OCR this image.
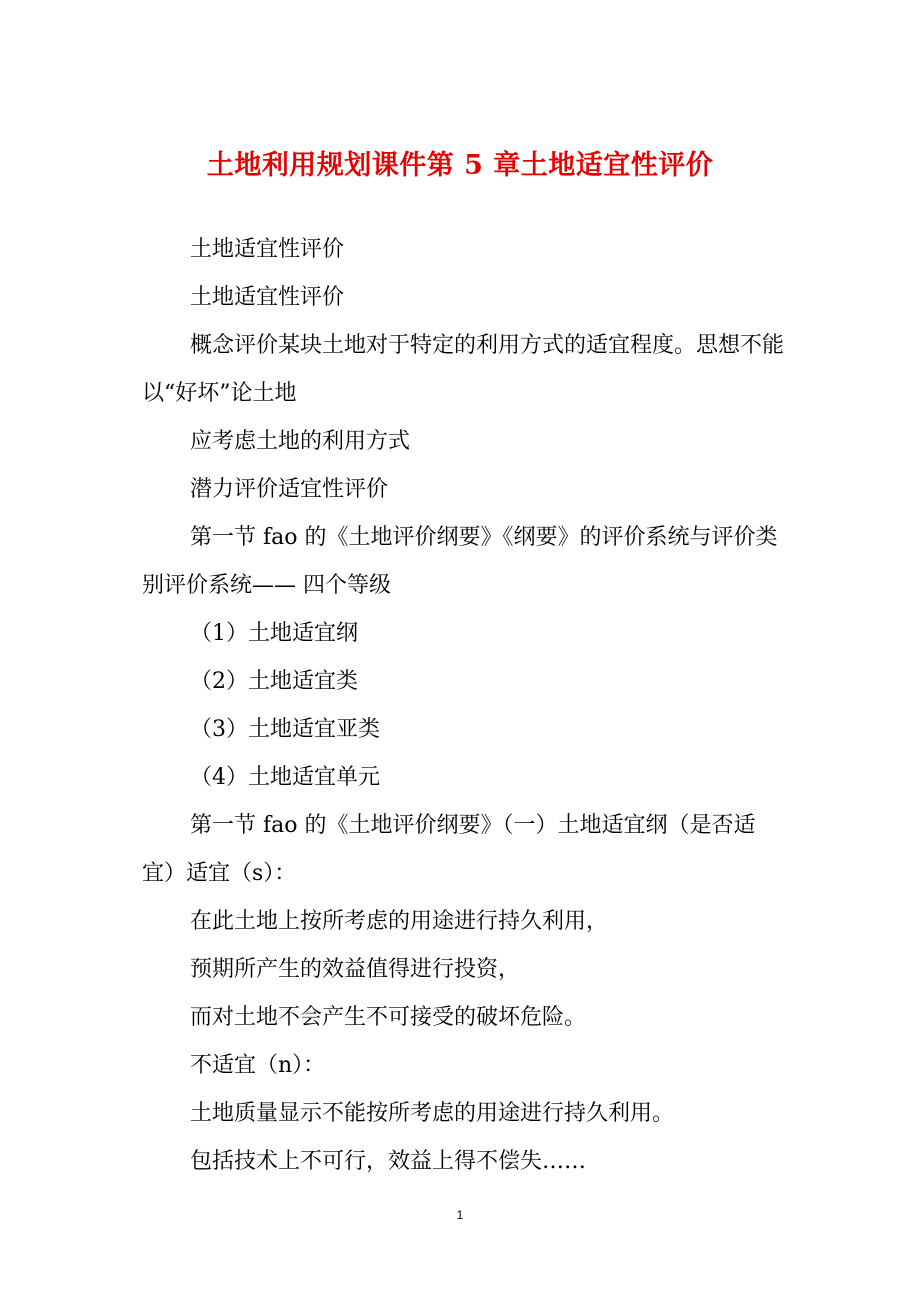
土地利用规划课件第 5 章土地适宜性评价

土地适宜性评价

土地适宜性评价

概念评价某块土地对于特定的利用方式的适宜程度。思想不能以“好坏”论土地

应考虑土地的利用方式

潜力评价适宜性评价

第一节 fao 的《土地评价纲要》《纲要》的评价系统与评价类别评价系统—— 四个等级

（1）土地适宜纲

（2）土地适宜类

（3）土地适宜亚类

（4）土地适宜单元

第一节 fao 的《土地评价纲要》（一）土地适宜纲（是否适宜）适宜（s）：

在此土地上按所考虑的用途进行持久利用，

预期所产生的效益值得进行投资，

而对土地不会产生不可接受的破坏危险。

不适宜（n）：

土地质量显示不能按所考虑的用途进行持久利用。

包括技术上不可行，效益上得不偿失……

1
